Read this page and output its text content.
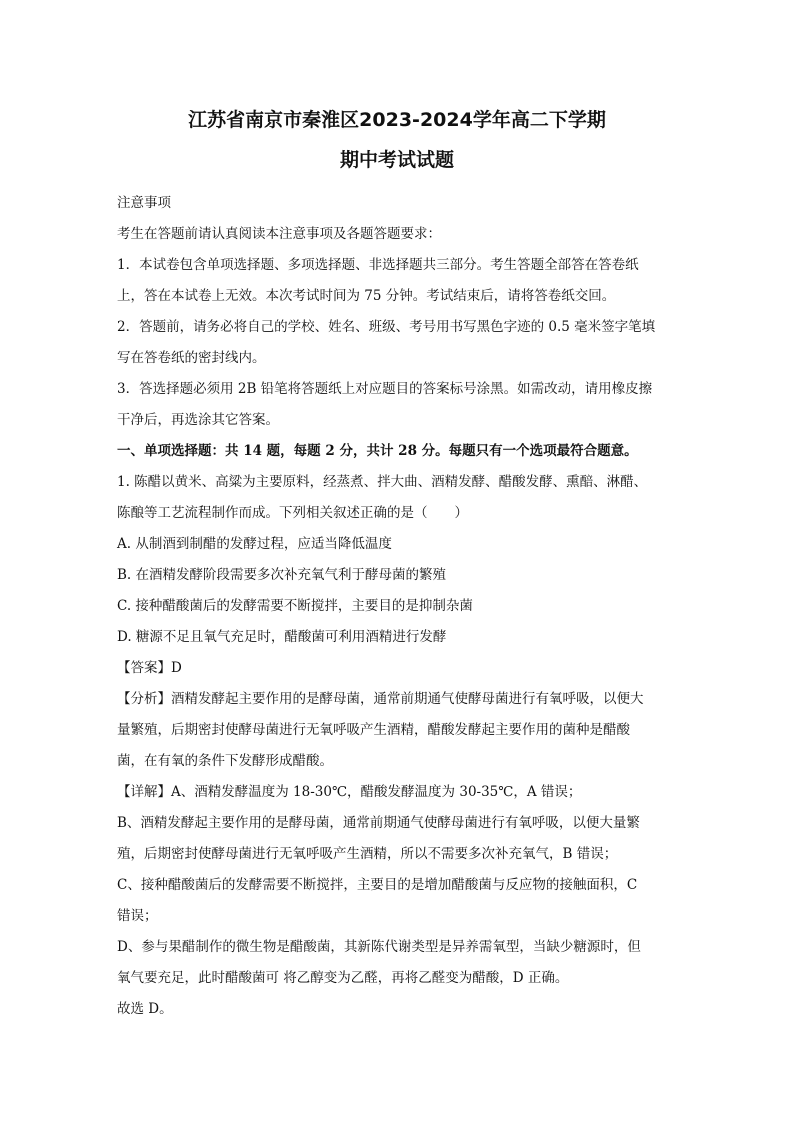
江苏省南京市秦淮区2023-2024学年高二下学期
期中考试试题
注意事项
考生在答题前请认真阅读本注意事项及各题答题要求：
1．本试卷包含单项选择题、多项选择题、非选择题共三部分。考生答题全部答在答卷纸
上，答在本试卷上无效。本次考试时间为 75 分钟。考试结束后，请将答卷纸交回。
2．答题前，请务必将自己的学校、姓名、班级、考号用书写黑色字迹的 0.5 毫米签字笔填
写在答卷纸的密封线内。
3．答选择题必须用 2B 铅笔将答题纸上对应题目的答案标号涂黑。如需改动，请用橡皮擦
干净后，再选涂其它答案。
一、单项选择题：共 14 题，每题 2 分，共计 28 分。每题只有一个选项最符合题意。
1. 陈醋以黄米、高粱为主要原料，经蒸煮、拌大曲、酒精发酵、醋酸发酵、熏醅、淋醋、
陈酿等工艺流程制作而成。下列相关叙述正确的是（　　）
A. 从制酒到制醋的发酵过程，应适当降低温度
B. 在酒精发酵阶段需要多次补充氧气利于酵母菌的繁殖
C. 接种醋酸菌后的发酵需要不断搅拌，主要目的是抑制杂菌
D. 糖源不足且氧气充足时，醋酸菌可利用酒精进行发酵
【答案】D
【分析】酒精发酵起主要作用的是酵母菌，通常前期通气使酵母菌进行有氧呼吸，以便大
量繁殖，后期密封使酵母菌进行无氧呼吸产生酒精，醋酸发酵起主要作用的菌种是醋酸
菌，在有氧的条件下发酵形成醋酸。
【详解】A、酒精发酵温度为 18-30℃，醋酸发酵温度为 30-35℃，A 错误；
B、酒精发酵起主要作用的是酵母菌，通常前期通气使酵母菌进行有氧呼吸，以便大量繁
殖，后期密封使酵母菌进行无氧呼吸产生酒精，所以不需要多次补充氧气，B 错误；
C、接种醋酸菌后的发酵需要不断搅拌，主要目的是增加醋酸菌与反应物的接触面积，C
错误；
D、参与果醋制作的微生物是醋酸菌，其新陈代谢类型是异养需氧型，当缺少糖源时，但
氧气要充足，此时醋酸菌可 将乙醇变为乙醛，再将乙醛变为醋酸，D 正确。
故选 D。
